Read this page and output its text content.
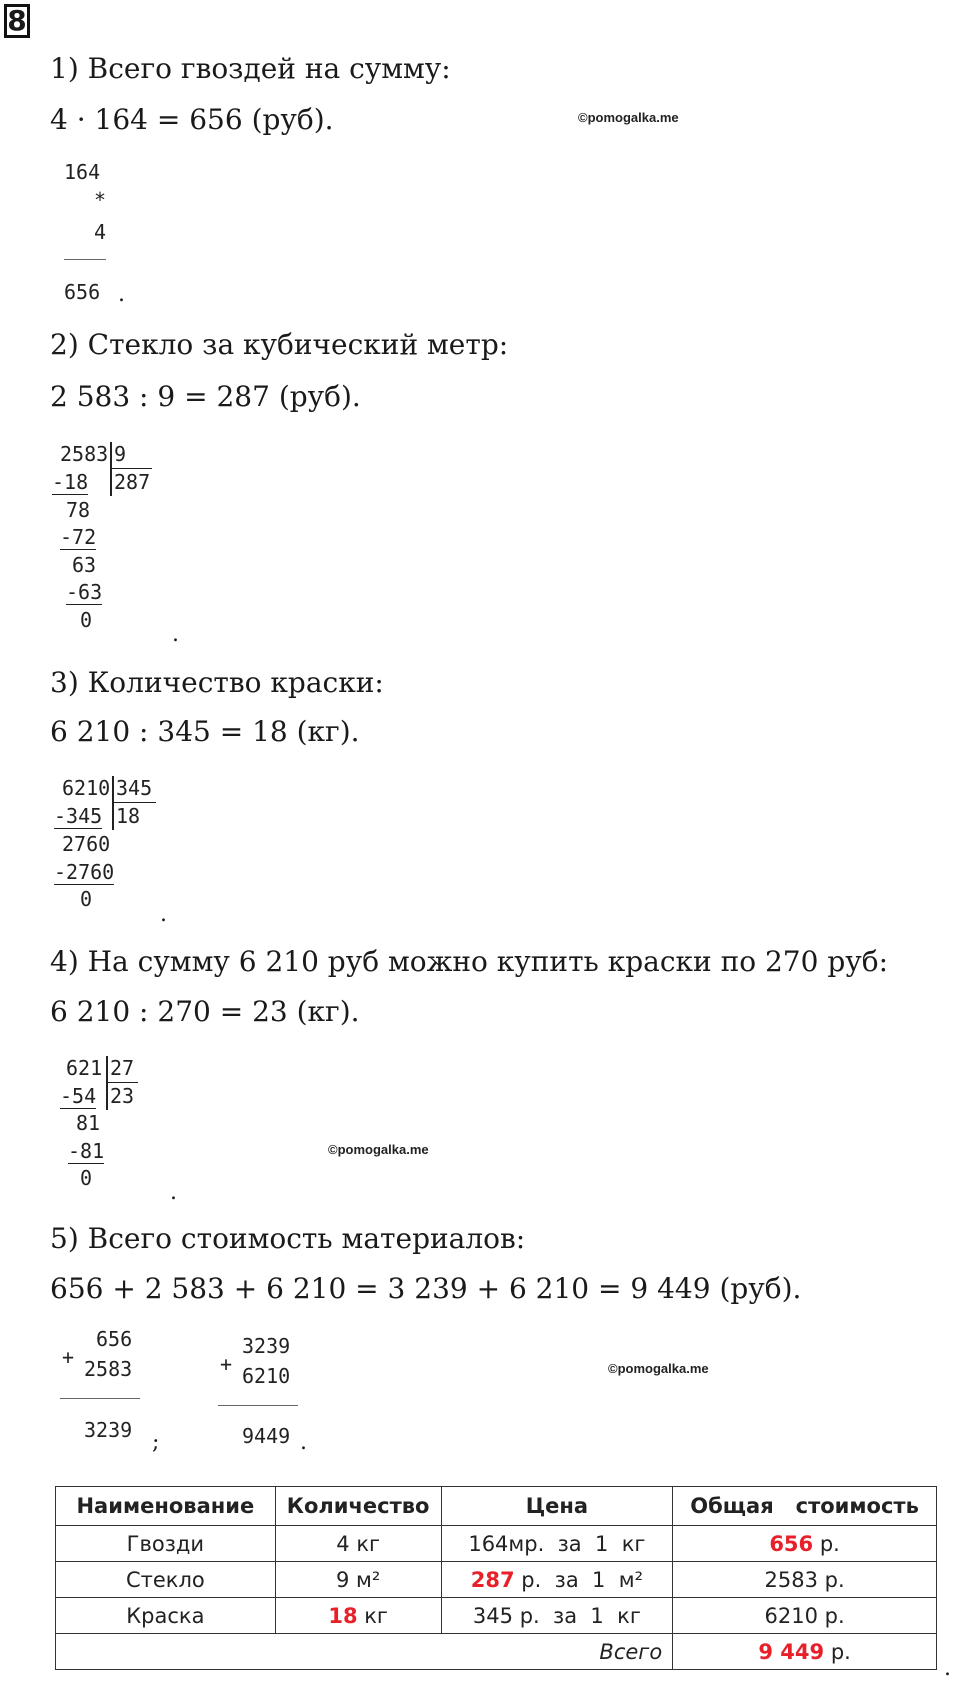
8
1) Всего гвоздей на сумму:
4 · 164 = 656 (руб).	©pomogalka.me
164
*
4
656 .
2) Стекло за кубический метр:
2 583 : 9 = 287 (руб).
2583 9
287
-18
78
-72
63
-63
0
.
3) Количество краски:
6 210 : 345 = 18 (кг).
6210 345
18
-345
2760
-2760
0
.
4) На сумму 6 210 руб можно купить краски по 270 руб:
6 210 : 270 = 23 (кг).
621 27
23
-54
81
-81
0
©pomogalka.me
.
5) Всего стоимость материалов:
656 + 2 583 + 6 210 = 3 239 + 6 210 = 9 449 (руб).
+
656
2583
3239 ;
+
3239
6210
9449 .
©pomogalka.me
Наименование	Количество	Цена	Общая   стоимость
Гвозди	4 кг	164мр.  за  1  кг	656 р.
Стекло	9 м²	287 р.  за  1  м²	2583 р.
Краска	18 кг	345 р.  за  1  кг	6210 р.
Всего			9 449 р.
.
